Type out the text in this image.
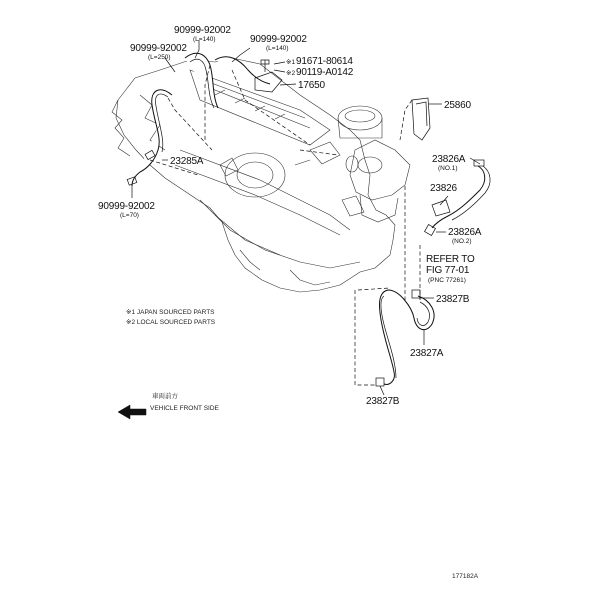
90999-92002
(L=140)
90999-92002
(L=250)
90999-92002
(L=140)
※1 91671-80614
※2 90119-A0142
17650
25860
23826A
(NO.1)
23285A
23826
23826A
(NO.2)
90999-92002
(L=70)
REFER TO
FIG 77-01
(PNC 77261)
23827B
23827A
23827B
※1 JAPAN SOURCED PARTS
※2 LOCAL SOURCED PARTS
車両前方
VEHICLE FRONT SIDE
177182A
